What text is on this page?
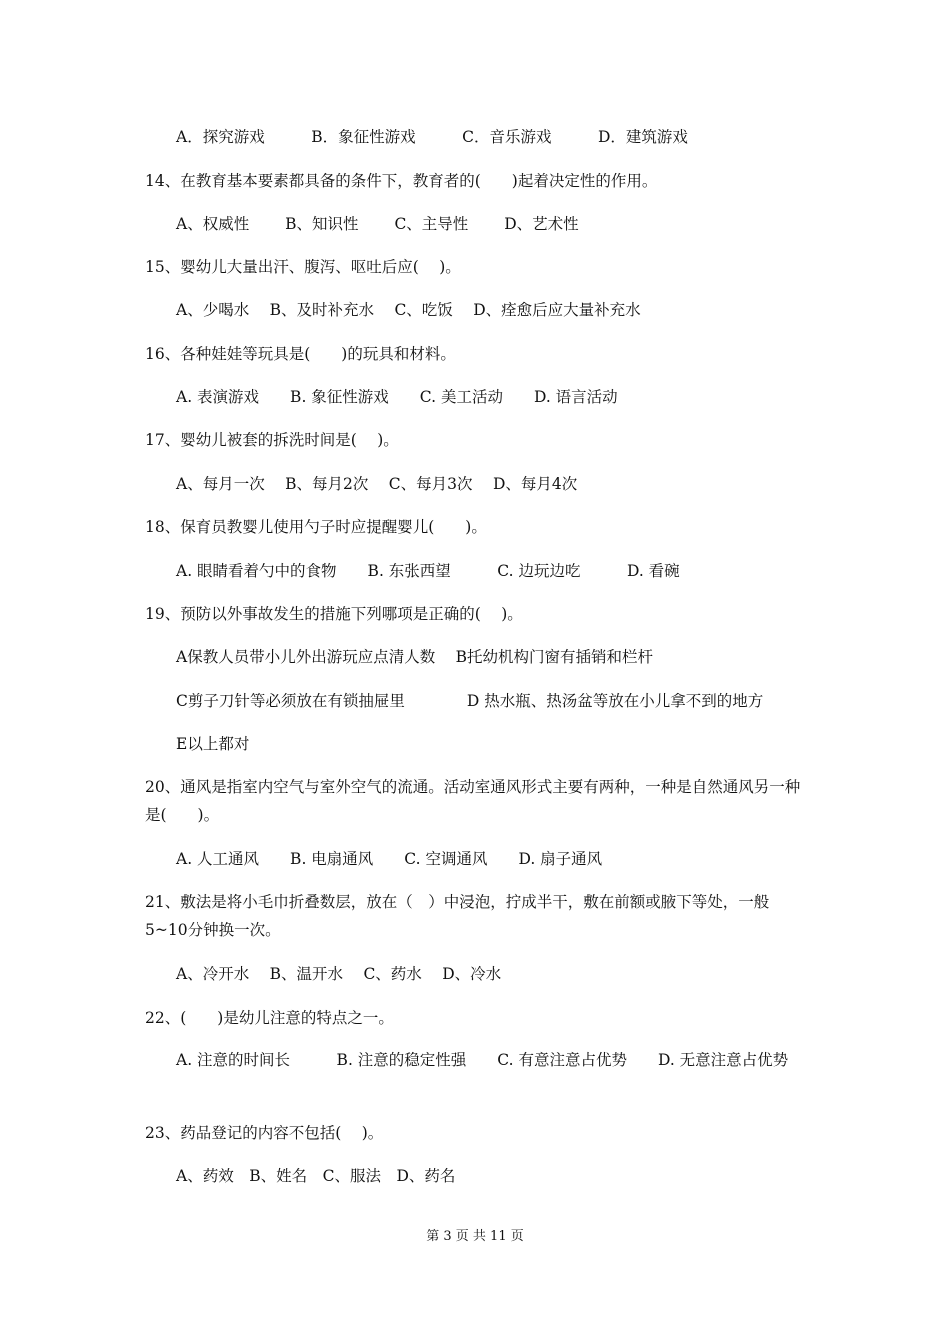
A．探究游戏　　　B．象征性游戏　　　C．音乐游戏　　　D．建筑游戏
14、在教育基本要素都具备的条件下，教育者的(　　)起着决定性的作用。
A、权威性　　 B、知识性　　 C、主导性　　 D、艺术性
15、婴幼儿大量出汗、腹泻、呕吐后应(　 )。
A、少喝水　 B、及时补充水　 C、吃饭　 D、痊愈后应大量补充水
16、各种娃娃等玩具是(　　)的玩具和材料。
A. 表演游戏　　B. 象征性游戏　　C. 美工活动　　D. 语言活动
17、婴幼儿被套的拆洗时间是(　 )。
A、每月一次　 B、每月2次　 C、每月3次　 D、每月4次
18、保育员教婴儿使用勺子时应提醒婴儿(　　)。
A. 眼睛看着勺中的食物　　B. 东张西望　　　C. 边玩边吃　　　D. 看碗
19、预防以外事故发生的措施下列哪项是正确的(　 )。
A保教人员带小儿外出游玩应点清人数　 B托幼机构门窗有插销和栏杆
C剪子刀针等必须放在有锁抽屉里　　　　D 热水瓶、热汤盆等放在小儿拿不到的地方
E以上都对
20、通风是指室内空气与室外空气的流通。活动室通风形式主要有两种，一种是自然通风另一种是(　　)。
A. 人工通风　　B. 电扇通风　　C. 空调通风　　D. 扇子通风
21、敷法是将小毛巾折叠数层，放在（　）中浸泡，拧成半干，敷在前额或腋下等处，一般5~10分钟换一次。
A、冷开水　 B、温开水　 C、药水　 D、冷水
22、(　　)是幼儿注意的特点之一。
A. 注意的时间长　　　B. 注意的稳定性强　　C. 有意注意占优势　　D. 无意注意占优势
23、药品登记的内容不包括(　 )。
A、药效　B、姓名　C、服法　D、药名
第 3 页 共 11 页
